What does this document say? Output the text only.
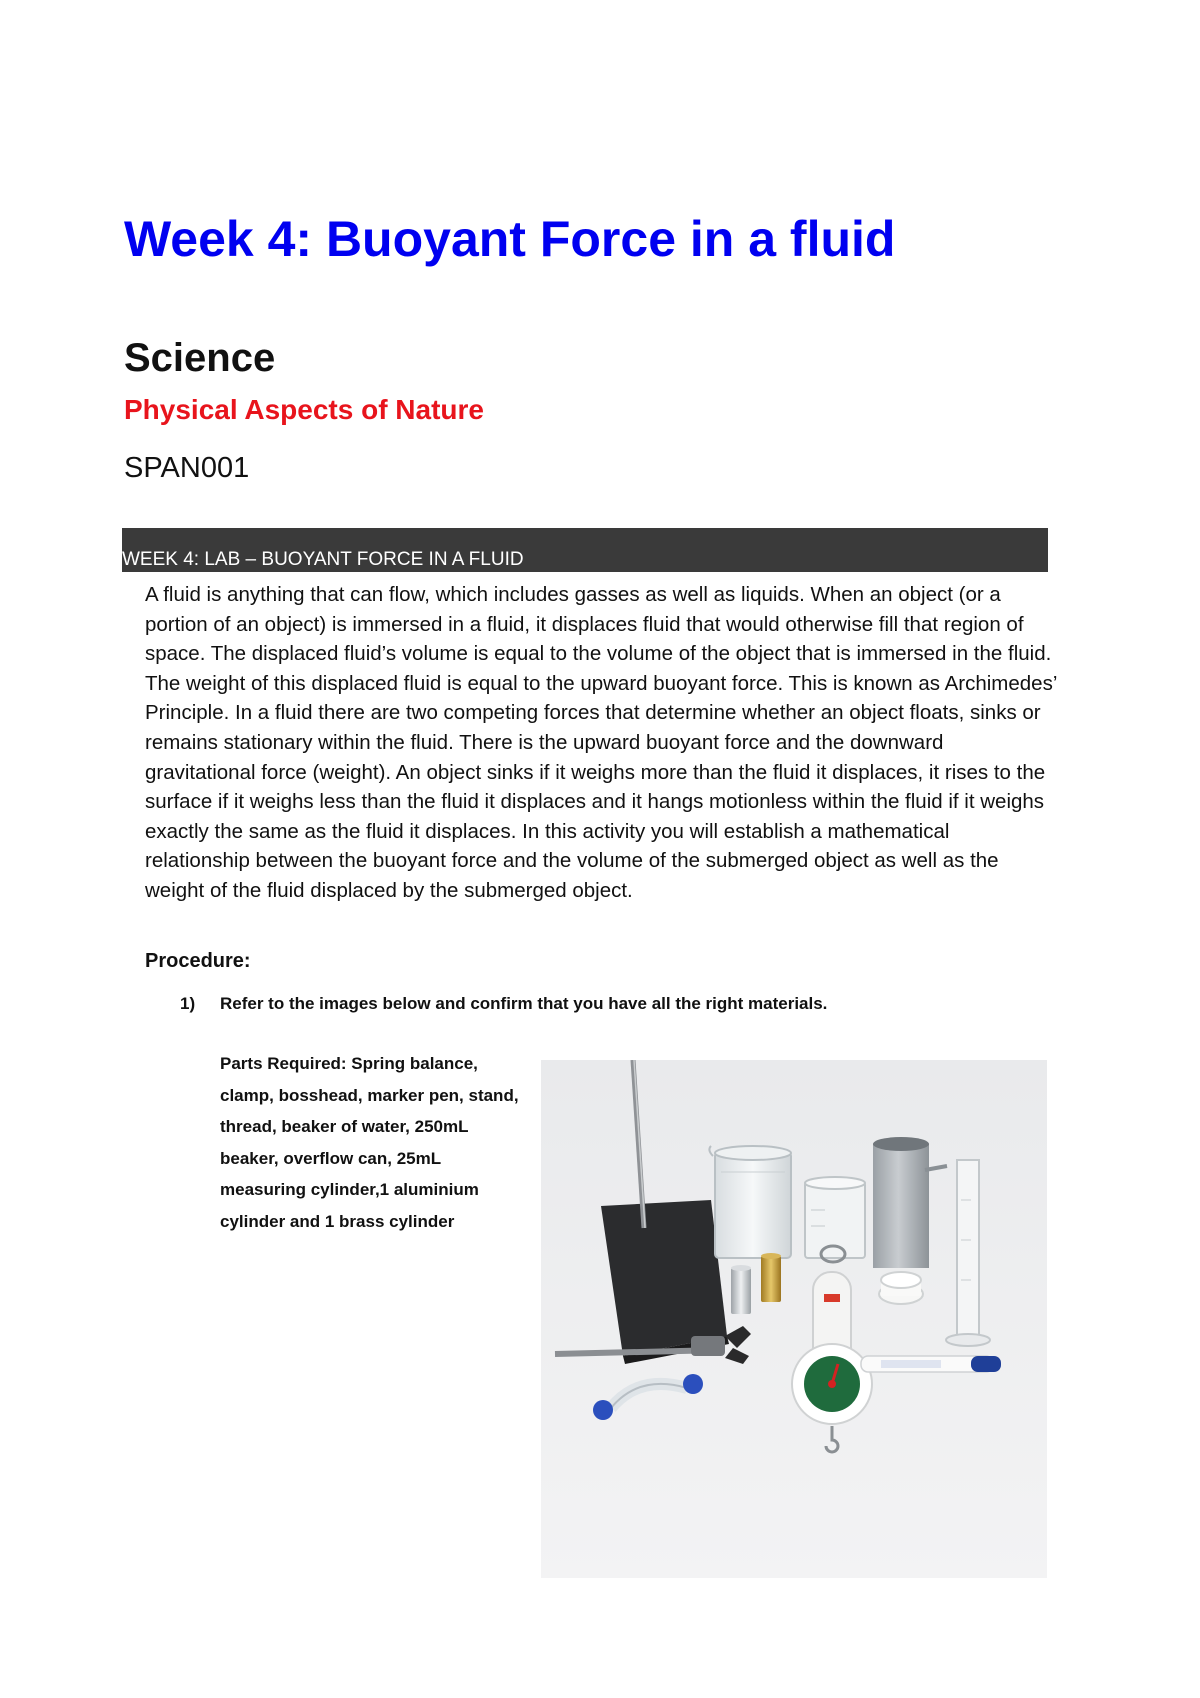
Week 4: Buoyant Force in a fluid
Science
Physical Aspects of Nature
SPAN001
WEEK 4: LAB – BUOYANT FORCE IN A FLUID

A fluid is anything that can flow, which includes gasses as well as liquids. When an object (or a portion of an object) is immersed in a fluid, it displaces fluid that would otherwise fill that region of space. The displaced fluid’s volume is equal to the volume of the object that is immersed in the fluid. The weight of this displaced fluid is equal to the upward buoyant force. This is known as Archimedes’ Principle. In a fluid there are two competing forces that determine whether an object floats, sinks or remains stationary within the fluid. There is the upward buoyant force and the downward gravitational force (weight). An object sinks if it weighs more than the fluid it displaces, it rises to the surface if it weighs less than the fluid it displaces and it hangs motionless within the fluid if it weighs exactly the same as the fluid it displaces. In this activity you will establish a mathematical relationship between the buoyant force and the volume of the submerged object as well as the weight of the fluid displaced by the submerged object.

Procedure:
1) Refer to the images below and confirm that you have all the right materials.

Parts Required: Spring balance, clamp, bosshead, marker pen, stand, thread, beaker of water, 250mL beaker, overflow can, 25mL measuring cylinder,1 aluminium cylinder and 1 brass cylinder
